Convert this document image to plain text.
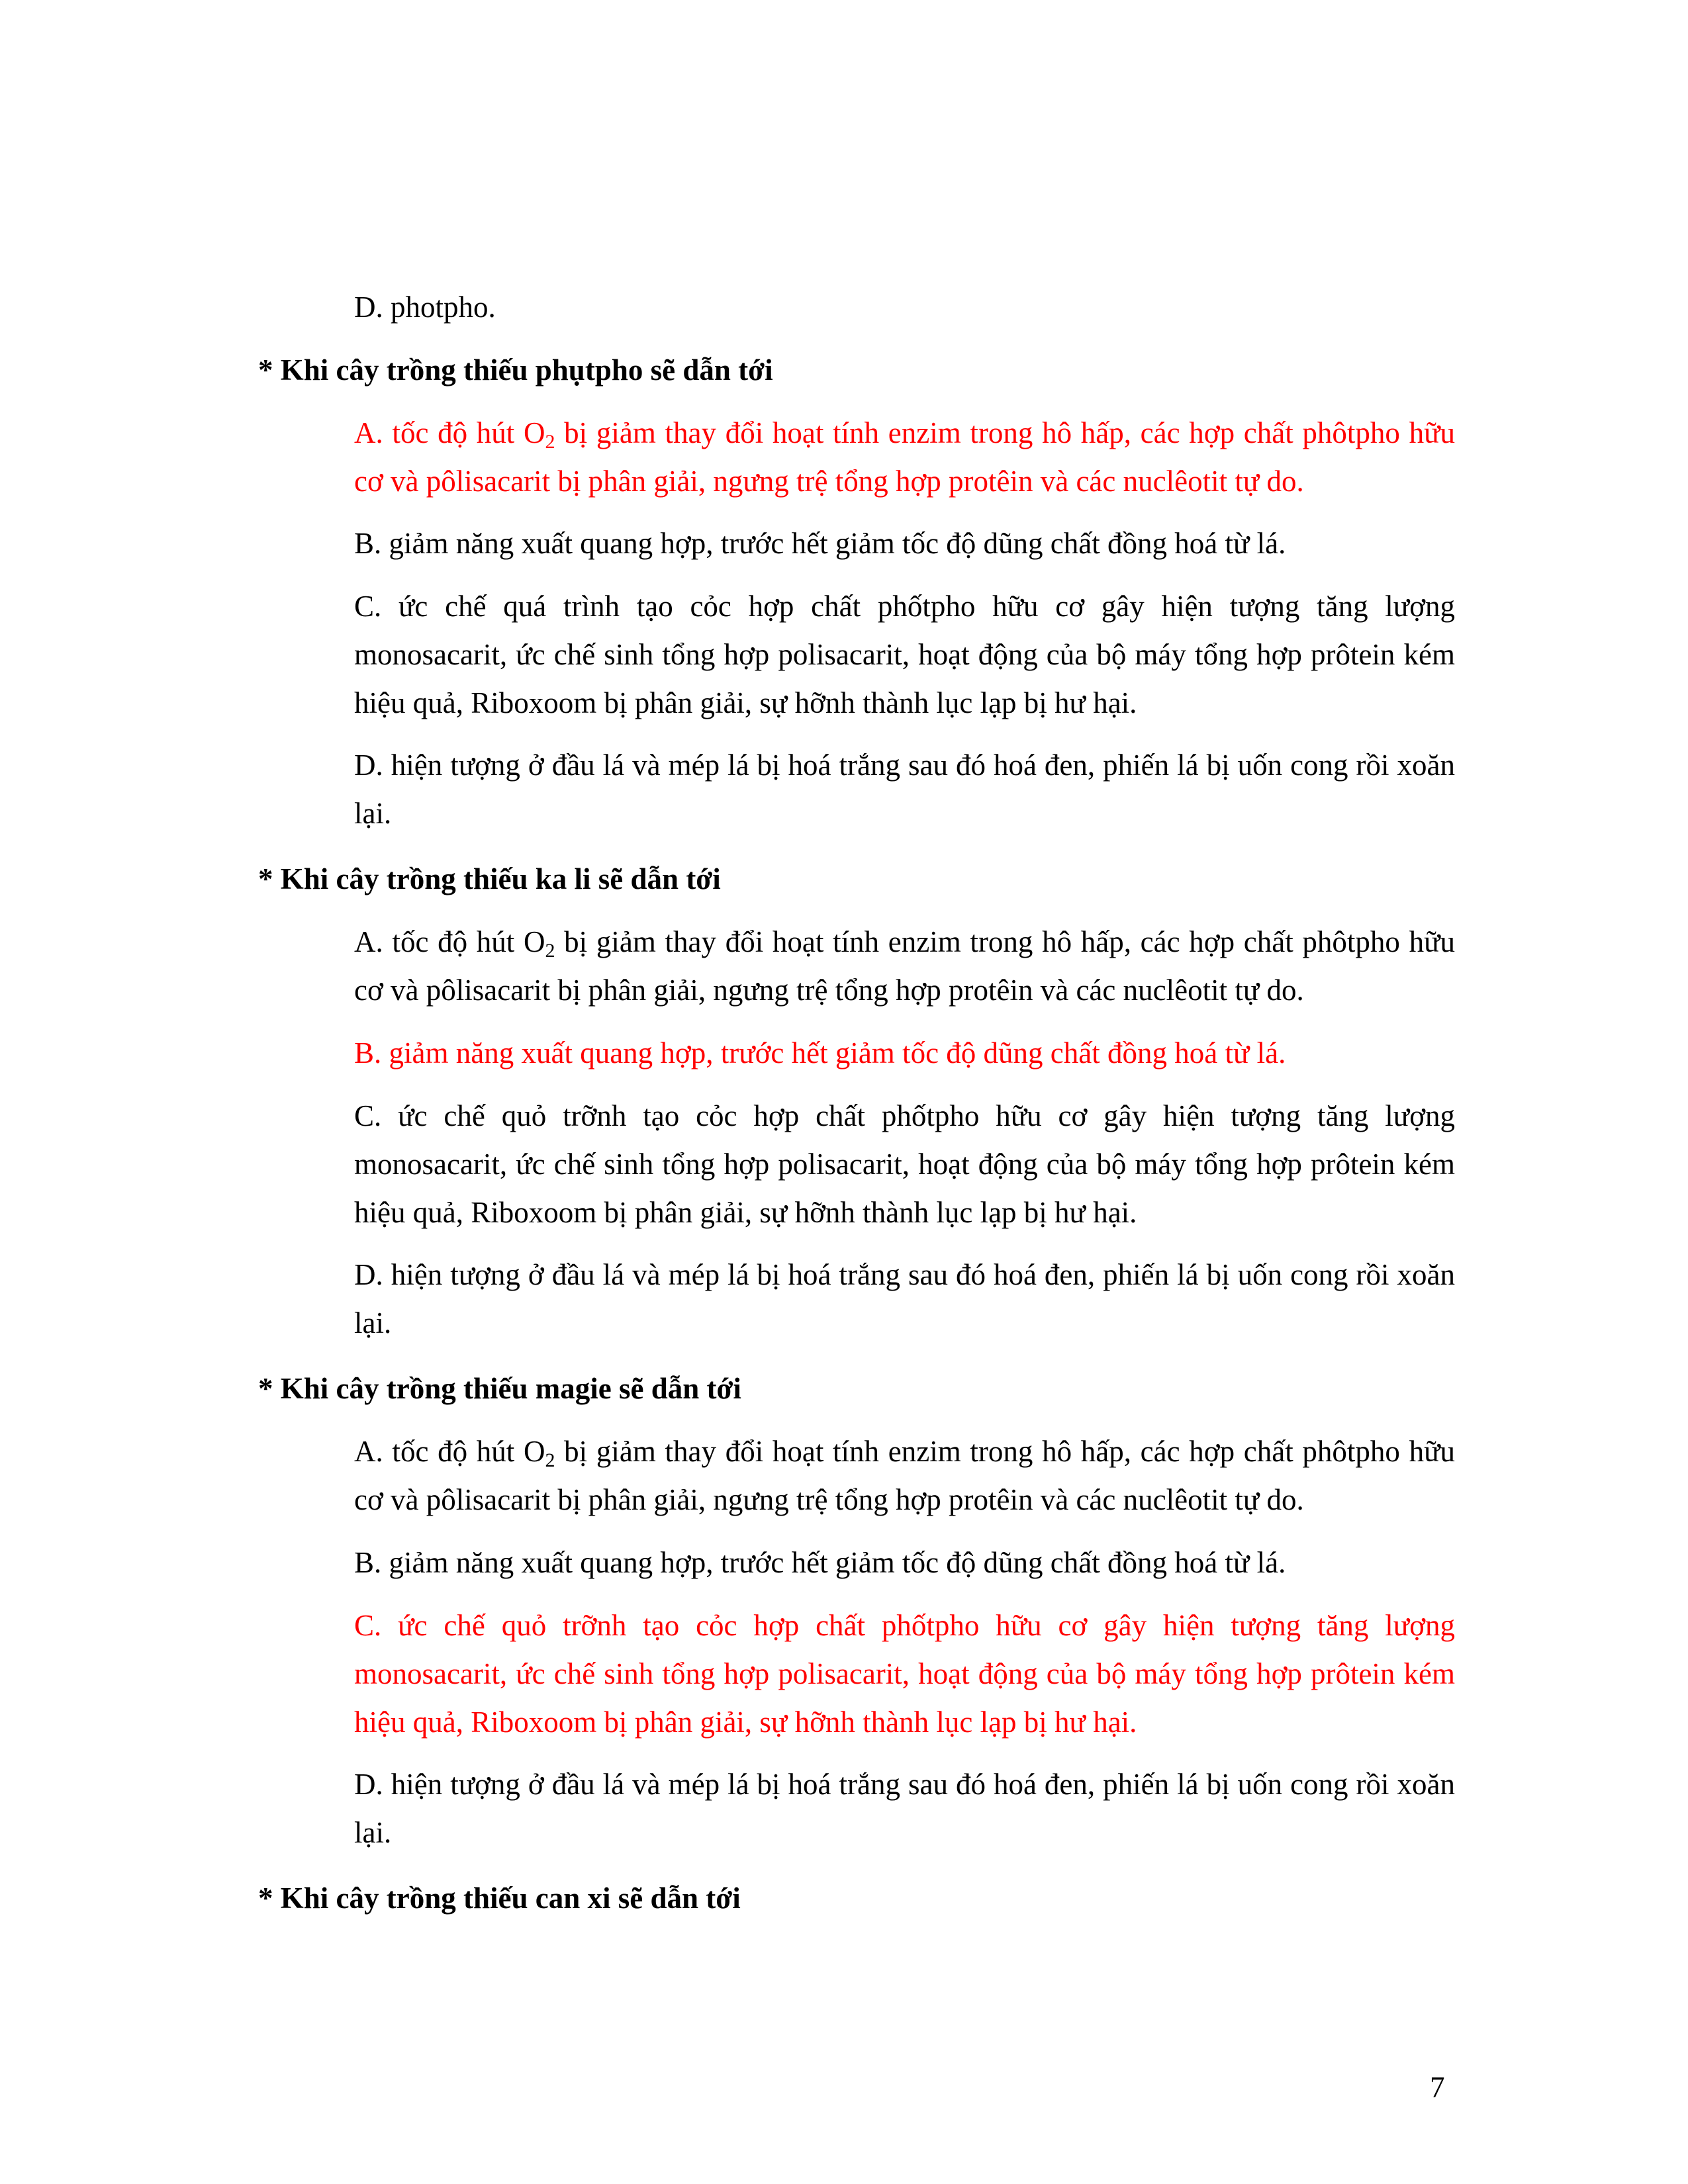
D. photpho.

* Khi cây trồng thiếu phụtpho sẽ dẫn tới

A. tốc độ hút $O_2$ bị giảm thay đổi hoạt tính enzim trong hô hấp, các hợp chất phôtpho hữu cơ và pôlisacarit bị phân giải, ngưng trệ tổng hợp protêin và các nuclêotit tự do.

B. giảm năng xuất quang hợp, trước hết giảm tốc độ dũng chất đồng hoá từ lá.

C. ức chế quá trình tạo cỏc hợp chất phốtpho hữu cơ gây hiện tượng tăng lượng monosacarit, ức chế sinh tổng hợp polisacarit, hoạt động của bộ máy tổng hợp prôtein kém hiệu quả, Riboxoom bị phân giải, sự hỡnh thành lục lạp bị hư hại.

D. hiện tượng ở đầu lá và mép lá bị hoá trắng sau đó hoá đen, phiến lá bị uốn cong rồi xoăn lại.

* Khi cây trồng thiếu ka li sẽ dẫn tới

A. tốc độ hút $O_2$ bị giảm thay đổi hoạt tính enzim trong hô hấp, các hợp chất phôtpho hữu cơ và pôlisacarit bị phân giải, ngưng trệ tổng hợp protêin và các nuclêotit tự do.

B. giảm năng xuất quang hợp, trước hết giảm tốc độ dũng chất đồng hoá từ lá.

C. ức chế quỏ trỡnh tạo cỏc hợp chất phốtpho hữu cơ gây hiện tượng tăng lượng monosacarit, ức chế sinh tổng hợp polisacarit, hoạt động của bộ máy tổng hợp prôtein kém hiệu quả, Riboxoom bị phân giải, sự hỡnh thành lục lạp bị hư hại.

D. hiện tượng ở đầu lá và mép lá bị hoá trắng sau đó hoá đen, phiến lá bị uốn cong rồi xoăn lại.

* Khi cây trồng thiếu magie sẽ dẫn tới

A. tốc độ hút $O_2$ bị giảm thay đổi hoạt tính enzim trong hô hấp, các hợp chất phôtpho hữu cơ và pôlisacarit bị phân giải, ngưng trệ tổng hợp protêin và các nuclêotit tự do.

B. giảm năng xuất quang hợp, trước hết giảm tốc độ dũng chất đồng hoá từ lá.

C. ức chế quỏ trỡnh tạo cỏc hợp chất phốtpho hữu cơ gây hiện tượng tăng lượng monosacarit, ức chế sinh tổng hợp polisacarit, hoạt động của bộ máy tổng hợp prôtein kém hiệu quả, Riboxoom bị phân giải, sự hỡnh thành lục lạp bị hư hại.

D. hiện tượng ở đầu lá và mép lá bị hoá trắng sau đó hoá đen, phiến lá bị uốn cong rồi xoăn lại.

* Khi cây trồng thiếu can xi sẽ dẫn tới

7
